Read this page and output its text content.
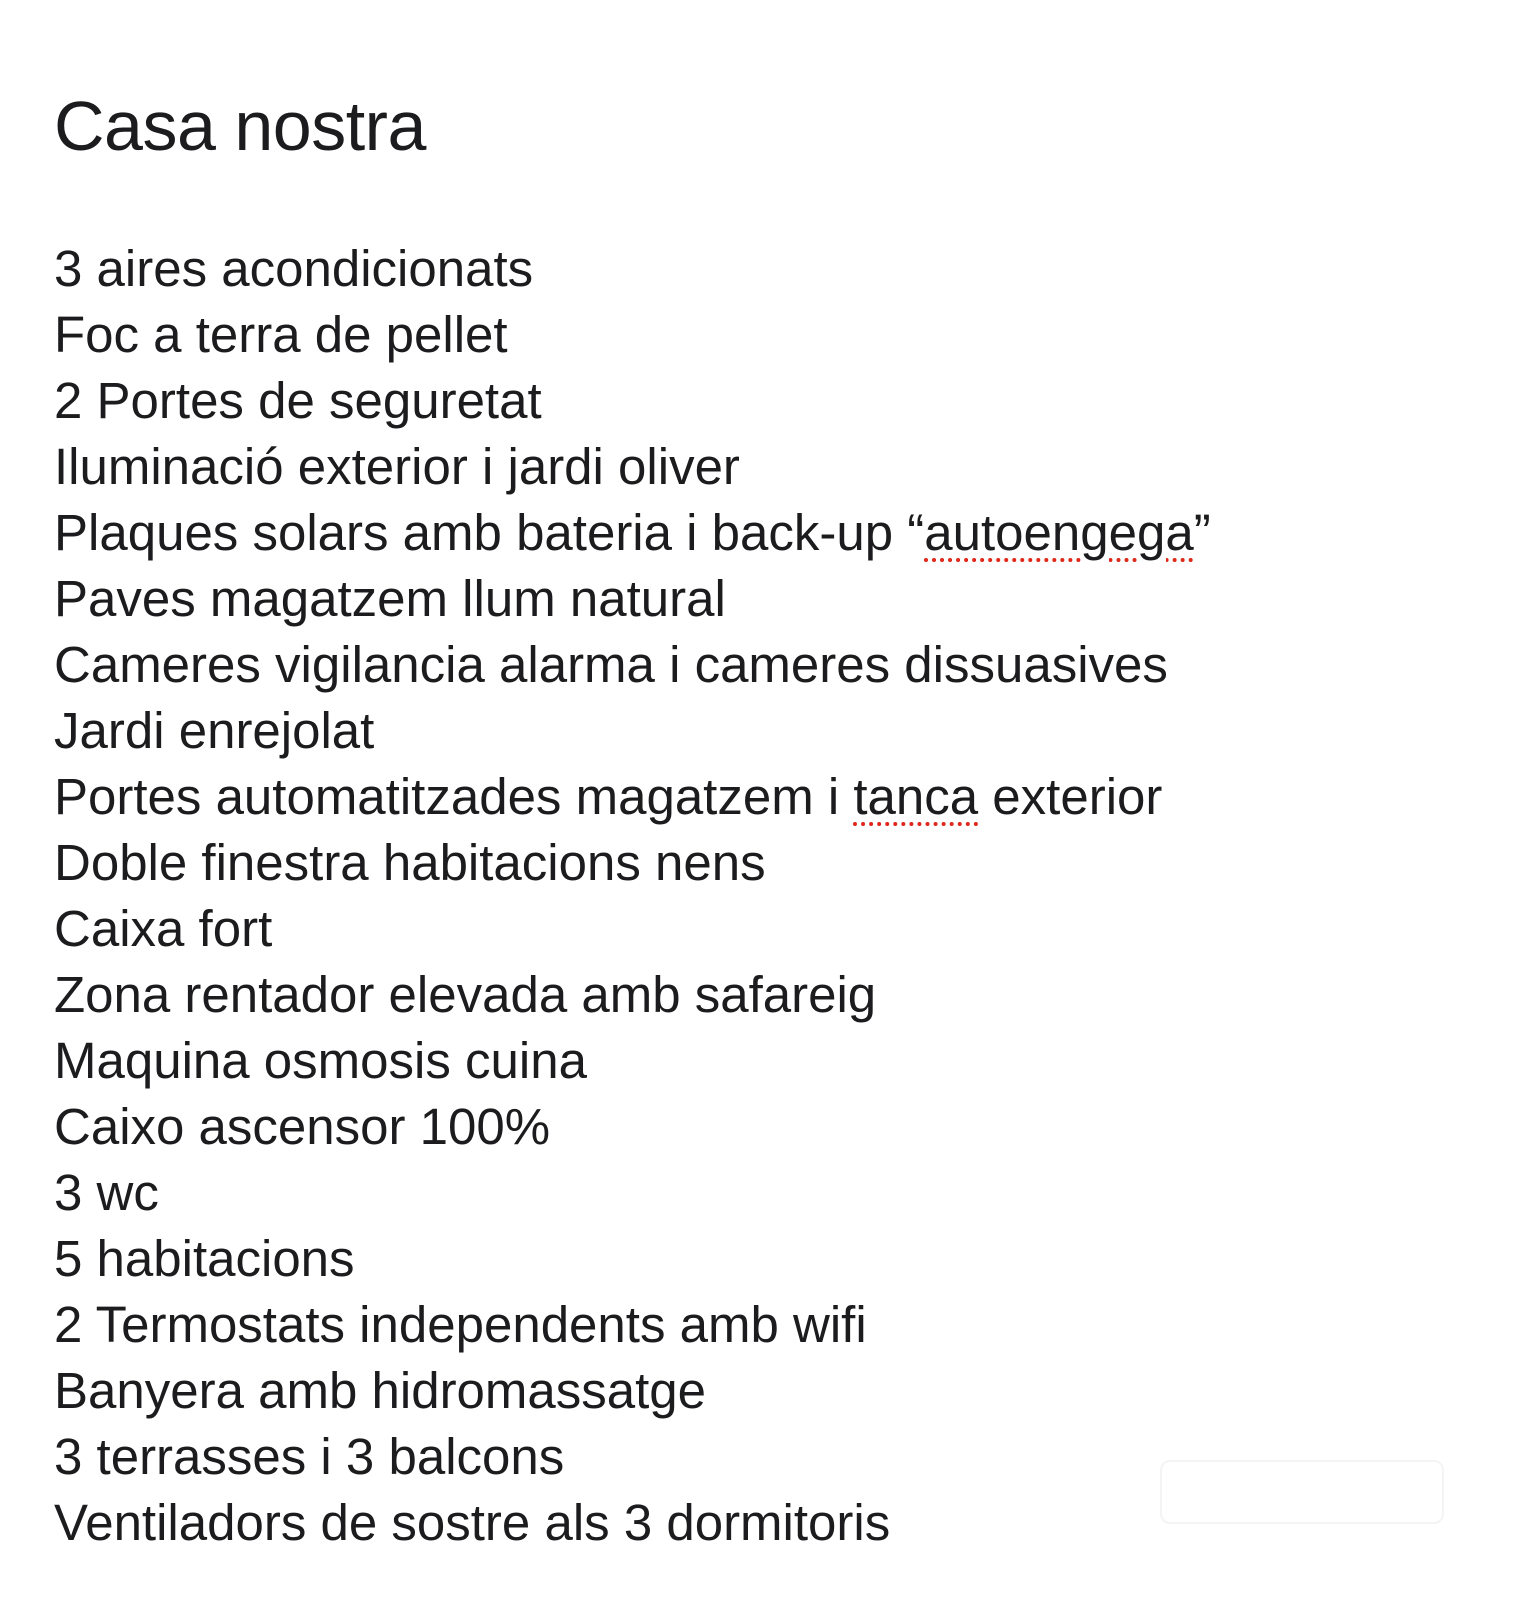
Casa nostra
3 aires acondicionats
Foc a terra de pellet
2 Portes de seguretat
Iluminació exterior i jardi oliver
Plaques solars amb bateria i back-up “autoengega”
Paves magatzem llum natural
Cameres vigilancia alarma i cameres dissuasives
Jardi enrejolat
Portes automatitzades magatzem i tanca exterior
Doble finestra habitacions nens
Caixa fort
Zona rentador elevada amb safareig
Maquina osmosis cuina
Caixo ascensor 100%
3 wc
5 habitacions
2 Termostats independents amb wifi
Banyera amb hidromassatge
3 terrasses i 3 balcons
Ventiladors de sostre als 3 dormitoris
